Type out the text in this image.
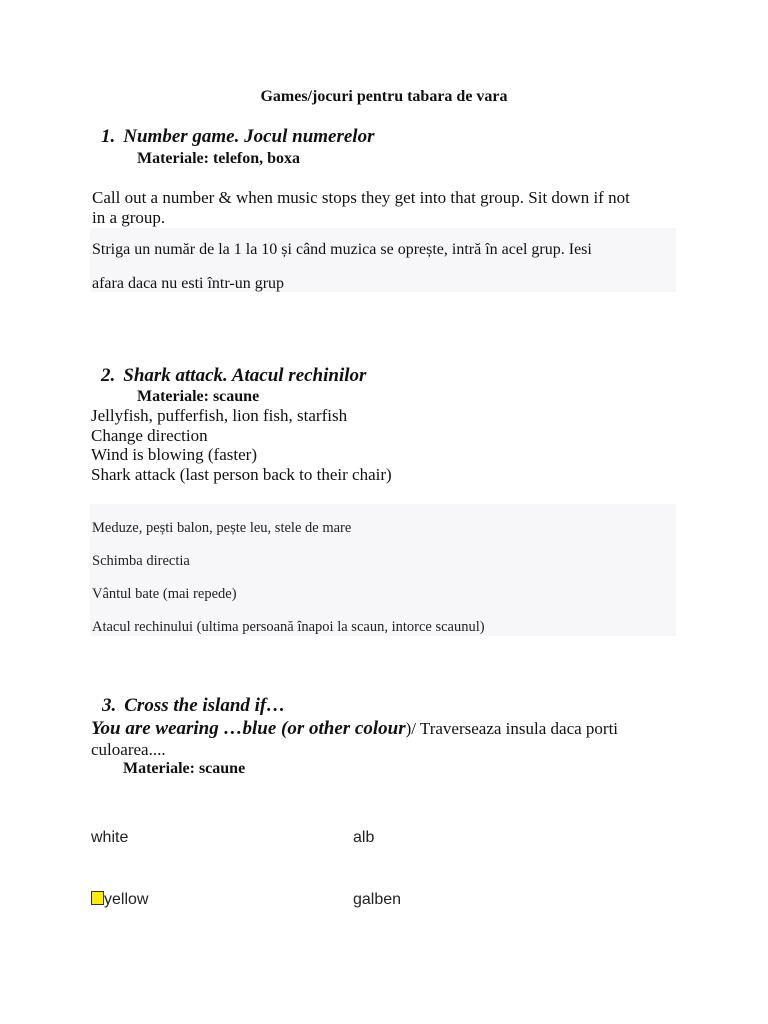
Games/jocuri pentru tabara de vara
1. Number game. Jocul numerelor
Materiale: telefon, boxa
Call out a number & when music stops they get into that group. Sit down if not
in a group.
Striga un număr de la 1 la 10 și când muzica se oprește, intră în acel grup. Iesi
afara daca nu esti într-un grup
2. Shark attack. Atacul rechinilor
Materiale: scaune
Jellyfish, pufferfish, lion fish, starfish
Change direction
Wind is blowing (faster)
Shark attack (last person back to their chair)
Meduze, pești balon, pește leu, stele de mare
Schimba directia
Vântul bate (mai repede)
Atacul rechinului (ultima persoană înapoi la scaun, intorce scaunul)
3. Cross the island if…
You are wearing …blue (or other colour)/ Traverseaza insula daca porti
culoarea....
Materiale: scaune
white	alb
yellow	galben
